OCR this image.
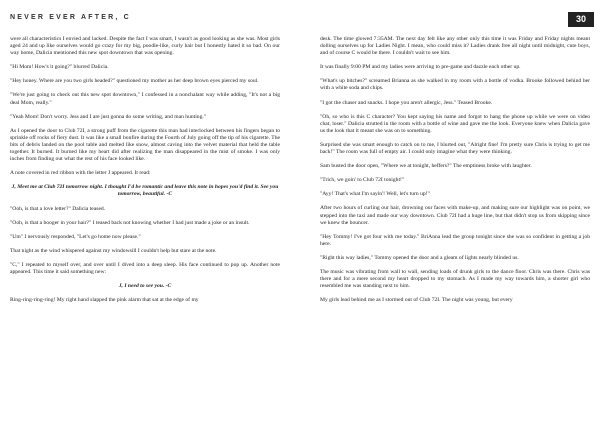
NEVER EVER AFTER, C	30

were all characteristics I envied and lacked. Despite the fact I was smart, I wasn't as good looking as she was. Most girls aged 24 and up like ourselves would go crazy for my big, poodle-like, curly hair but I honestly hated it so bad. On our way home, Dalicia mentioned this new spot downtown that was opening.

"Hi Mom! How's it going?" blurred Dalicia.

"Hey honey. Where are you two girls headed?" questioned my mother as her deep brown eyes pierced my soul.

"We're just going to check out this new spot downtown," I confessed in a nonchalant way while adding, "It's not a big deal Mom, really."

"Yeah Mom! Don't worry. Jess and I are just gonna do some writing, and man hunting."

As I opened the door to Club 72I, a strong puff from the cigarette this man had interlocked between his fingers began to sprinkle off rocks of fiery dust. It was like a small bonfire during the Fourth of July going off the tip of his cigarette. The bits of debris landed on the pool table and melted like snow, almost caving into the velvet material that held the table together. It burned. It burned like my heart did after realizing the man disappeared in the mist of smoke. I was only inches from finding out what the rest of his face looked like.

A note covered in red ribbon with the letter J appeared. It read:

J, Meet me at Club 72I tomorrow night. I thought I'd be romantic and leave this note in hopes you'd find it. See you tomorrow, beautiful. -C

"Ooh, is that a love letter?" Dalicia teased.

"Ooh, is that a booger in your hair?" I teased back not knowing whether I had just made a joke or an insult.

"Um" I nervously responded, "Let's go home now please."

That night as the wind whispered against my windowsill I couldn't help but stare at the note.

"C," I repeated to myself over, and over until I dived into a deep sleep. His face continued to pop up. Another note appeared. This time it said something new:

J, I need to see you. -C

Ring-ring-ring-ring! My right hand slapped the pink alarm that sat at the edge of my

desk. The time glowed 7:35AM. The next day felt like any other only this time it was Friday and Friday nights meant dolling ourselves up for Ladies Night. I mean, who could miss it? Ladies drank free all night until midnight, cute boys, and of course C would be there. I couldn't wait to see him.

It was finally 9:00 PM and my ladies were arriving to pre-game and dazzle each other up.

"What's up bitches?" screamed Brianna as she walked in my room with a bottle of vodka. Brooke followed behind her with a white soda and chips.

"I got the chaser and snacks. I hope you aren't allergic, Jess." Teased Brooke.

"Oh, so who is this C character? You kept saying his name and forgot to hang the phone up while we were on video chat, loser." Dalicia strutted in the room with a bottle of wine and gave me the look. Everyone knew when Dalicia gave us the look that it meant she was on to something.

Surprised she was smart enough to catch on to me, I blurted out, "Alright fine! I'm pretty sure Chris is trying to get me back!" The room was full of empty air. I could only imagine what they were thinking.

Sam busted the door open, "Where we at tonight, heffers?" The emptiness broke with laughter.

"Trich, we goin' to Club 72I tonight!"

"Ayy! That's what I'm sayin'! Well, let's turn up!"

After two hours of curling our hair, drowning our faces with make-up, and making sure our highlight was on point, we stepped into the taxi and made our way downtown. Club 72I had a huge line, but that didn't stop us from skipping since we knew the bouncer.

"Hey Tommy! I've got four with me today." BriAnna lead the group tonight since she was so confident in getting a job here.

"Right this way ladies," Tommy opened the door and a gleam of lights nearly blinded us.

The music was vibrating from wall to wall, sending loads of drunk girls to the dance floor. Chris was there. Chris was there and for a mere second my heart dropped to my stomach. As I made my way towards him, a shorter girl who resembled me was standing next to him.

My girls lead behind me as I stormed out of Club 72I. The night was young, but every
